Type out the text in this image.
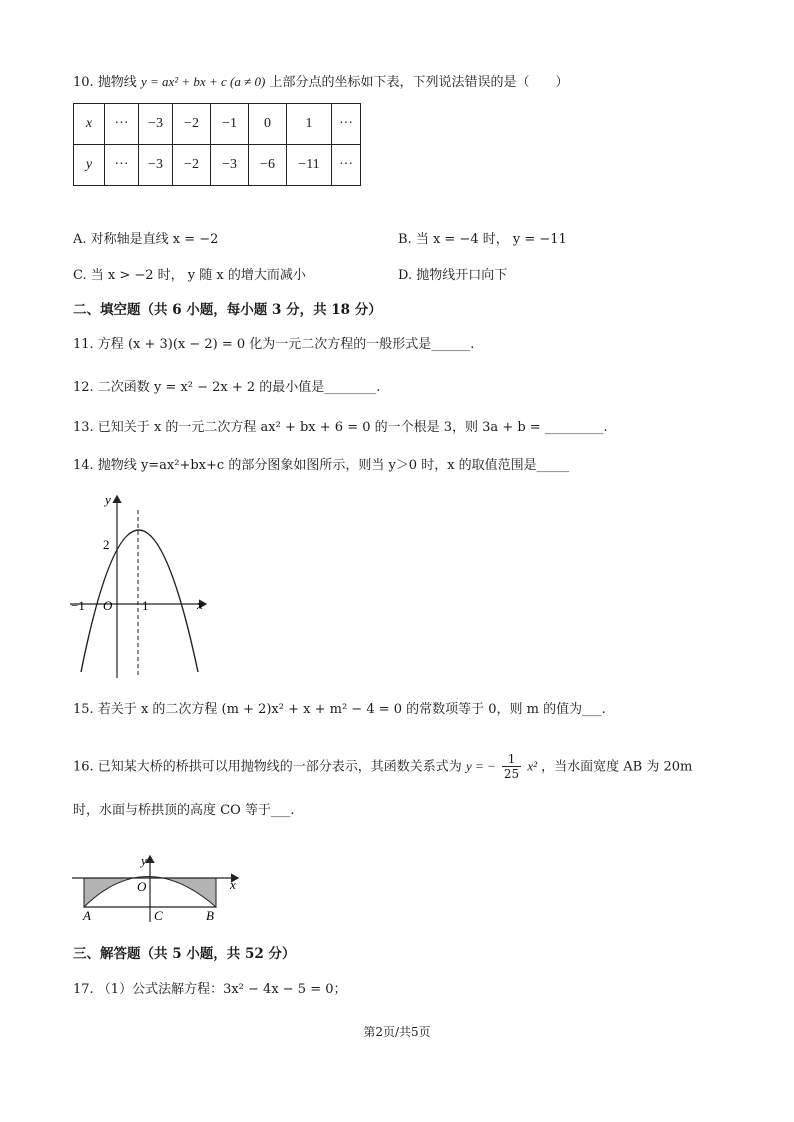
10. 抛物线 y = ax² + bx + c (a ≠ 0) 上部分点的坐标如下表，下列说法错误的是（　　）
x	···	−3	−2	−1	0	1	···
y	···	−3	−2	−3	−6	−11	···
A. 对称轴是直线 x = −2	B. 当 x = −4 时， y = −11
C. 当 x > −2 时， y 随 x 的增大而减小	D. 抛物线开口向下
二、填空题（共 6 小题，每小题 3 分，共 18 分）
11. 方程 (x + 3)(x − 2) = 0 化为一元二次方程的一般形式是______.
12. 二次函数 y = x² − 2x + 2 的最小值是________.
13. 已知关于 x 的一元二次方程 ax² + bx + 6 = 0 的一个根是 3，则 3a + b = _________.
14. 抛物线 y=ax²+bx+c 的部分图象如图所示，则当 y＞0 时，x 的取值范围是_____
y
x
2
−1 O 1
15. 若关于 x 的二次方程 (m + 2)x² + x + m² − 4 = 0 的常数项等于 0，则 m 的值为___.
16. 已知某大桥的桥拱可以用抛物线的一部分表示，其函数关系式为 y = − $\frac{1}{25} x^2$ ，当水面宽度 AB 为 20m
时，水面与桥拱顶的高度 CO 等于___.
y
x
O
A	C	B
三、解答题（共 5 小题，共 52 分）
17. （1）公式法解方程：3x² − 4x − 5 = 0；
第2页/共5页
